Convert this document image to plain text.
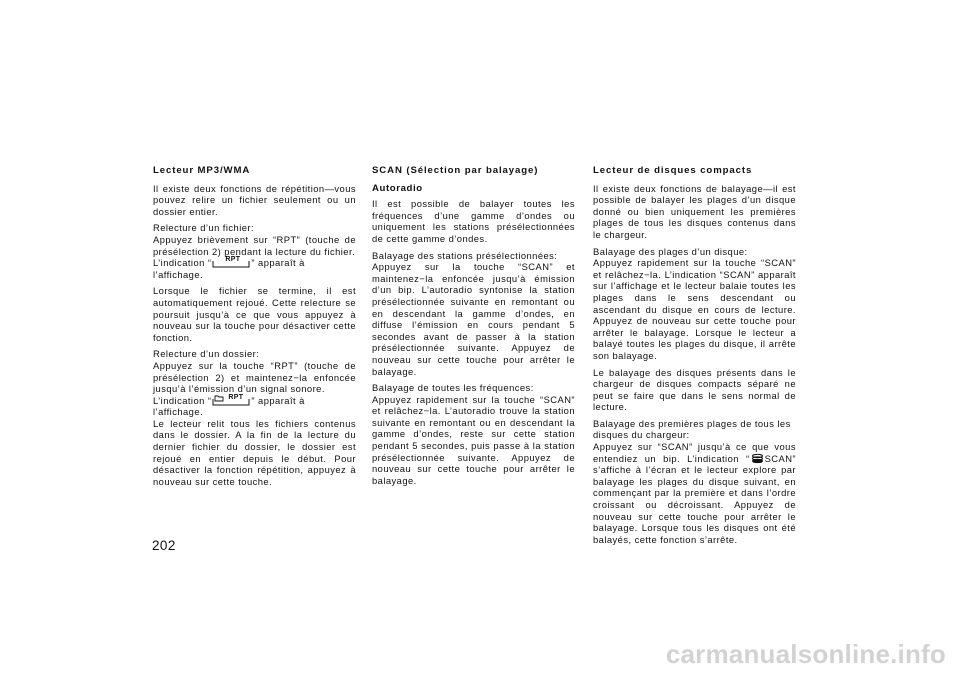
Lecteur MP3/WMA

Il existe deux fonctions de répétition—vous pouvez relire un fichier seulement ou un dossier entier.

Relecture d’un fichier:

Appuyez brièvement sur “RPT” (touche de présélection 2) pendant la lecture du fichier.

L’indication “ RPT ” apparaît à l’affichage.

Lorsque le fichier se termine, il est automatiquement rejoué. Cette relecture se poursuit jusqu’à ce que vous appuyez à nouveau sur la touche pour désactiver cette fonction.

Relecture d’un dossier:

Appuyez sur la touche “RPT” (touche de présélection 2) et maintenez−la enfoncée jusqu’à l’émission d’un signal sonore.

L’indication “ RPT ” apparaît à l’affichage.

Le lecteur relit tous les fichiers contenus dans le dossier. A la fin de la lecture du dernier fichier du dossier, le dossier est rejoué en entier depuis le début. Pour désactiver la fonction répétition, appuyez à nouveau sur cette touche.

SCAN (Sélection par balayage)
Autoradio

Il est possible de balayer toutes les fréquences d’une gamme d’ondes ou uniquement les stations présélectionnées de cette gamme d’ondes.

Balayage des stations présélectionnées:

Appuyez sur la touche “SCAN” et maintenez−la enfoncée jusqu’à émission d’un bip. L’autoradio syntonise la station présélectionnée suivante en remontant ou en descendant la gamme d’ondes, en diffuse l’émission en cours pendant 5 secondes avant de passer à la station présélectionnée suivante. Appuyez de nouveau sur cette touche pour arrêter le balayage.

Balayage de toutes les fréquences:

Appuyez rapidement sur la touche “SCAN” et relâchez−la. L’autoradio trouve la station suivante en remontant ou en descendant la gamme d’ondes, reste sur cette station pendant 5 secondes, puis passe à la station présélectionnée suivante. Appuyez de nouveau sur cette touche pour arrêter le balayage.

Lecteur de disques compacts

Il existe deux fonctions de balayage—il est possible de balayer les plages d’un disque donné ou bien uniquement les premières plages de tous les disques contenus dans le chargeur.

Balayage des plages d’un disque:

Appuyez rapidement sur la touche “SCAN” et relâchez−la. L’indication “SCAN” apparaît sur l’affichage et le lecteur balaie toutes les plages dans le sens descendant ou ascendant du disque en cours de lecture. Appuyez de nouveau sur cette touche pour arrêter le balayage. Lorsque le lecteur a balayé toutes les plages du disque, il arrête son balayage.

Le balayage des disques présents dans le chargeur de disques compacts séparé ne peut se faire que dans le sens normal de lecture.

Balayage des premières plages de tous les disques du chargeur:

Appuyez sur “SCAN” jusqu’à ce que vous entendiez un bip. L’indication “ SCAN” s’affiche à l’écran et le lecteur explore par balayage les plages du disque suivant, en commençant par la première et dans l’ordre croissant ou décroissant. Appuyez de nouveau sur cette touche pour arrêter le balayage. Lorsque tous les disques ont été balayés, cette fonction s’arrête.

202
carmanualsonline.info
